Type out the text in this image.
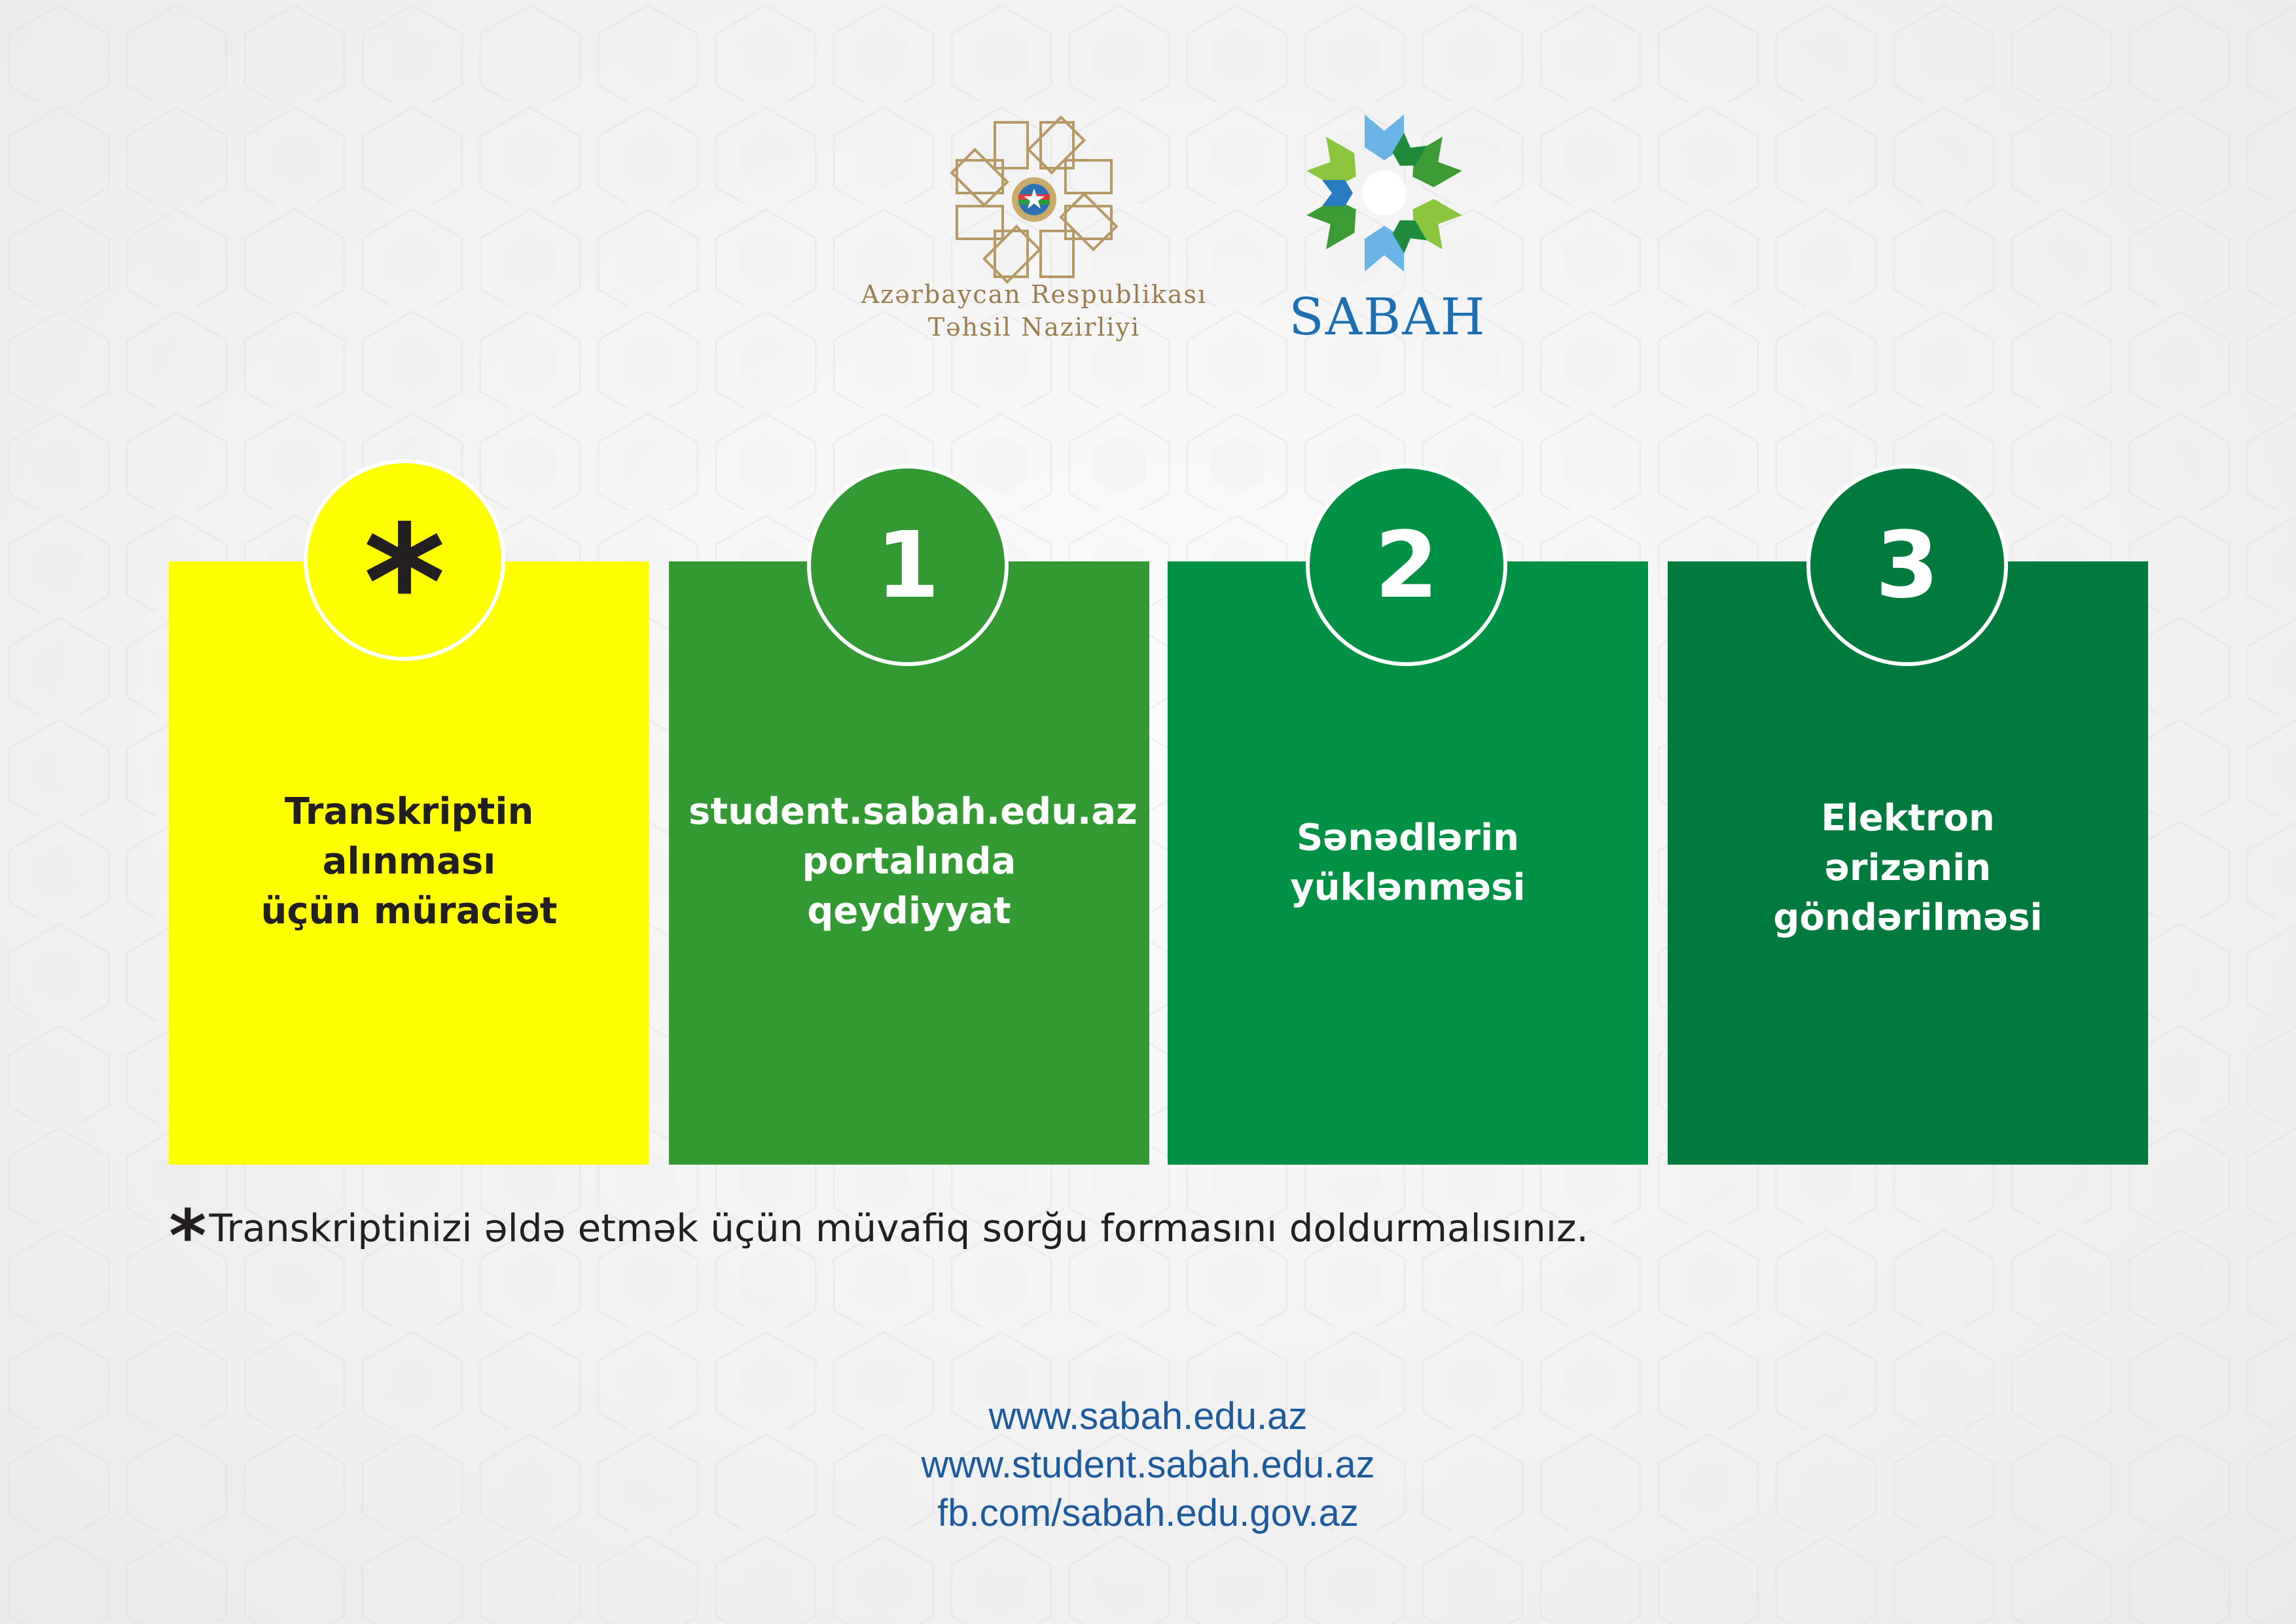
Azərbaycan Respublikası
Təhsil Nazirliyi	SABAH
Transkriptin
alınması
üçün müraciət
*
student.sabah.edu.az
portalında
qeydiyyat
1
Sənədlərin
yüklənməsi
2
Elektron
ərizənin
göndərilməsi
3
*Transkriptinizi əldə etmək üçün müvafiq sorğu formasını doldurmalısınız.
www.sabah.edu.az
www.student.sabah.edu.az
fb.com/sabah.edu.gov.az
